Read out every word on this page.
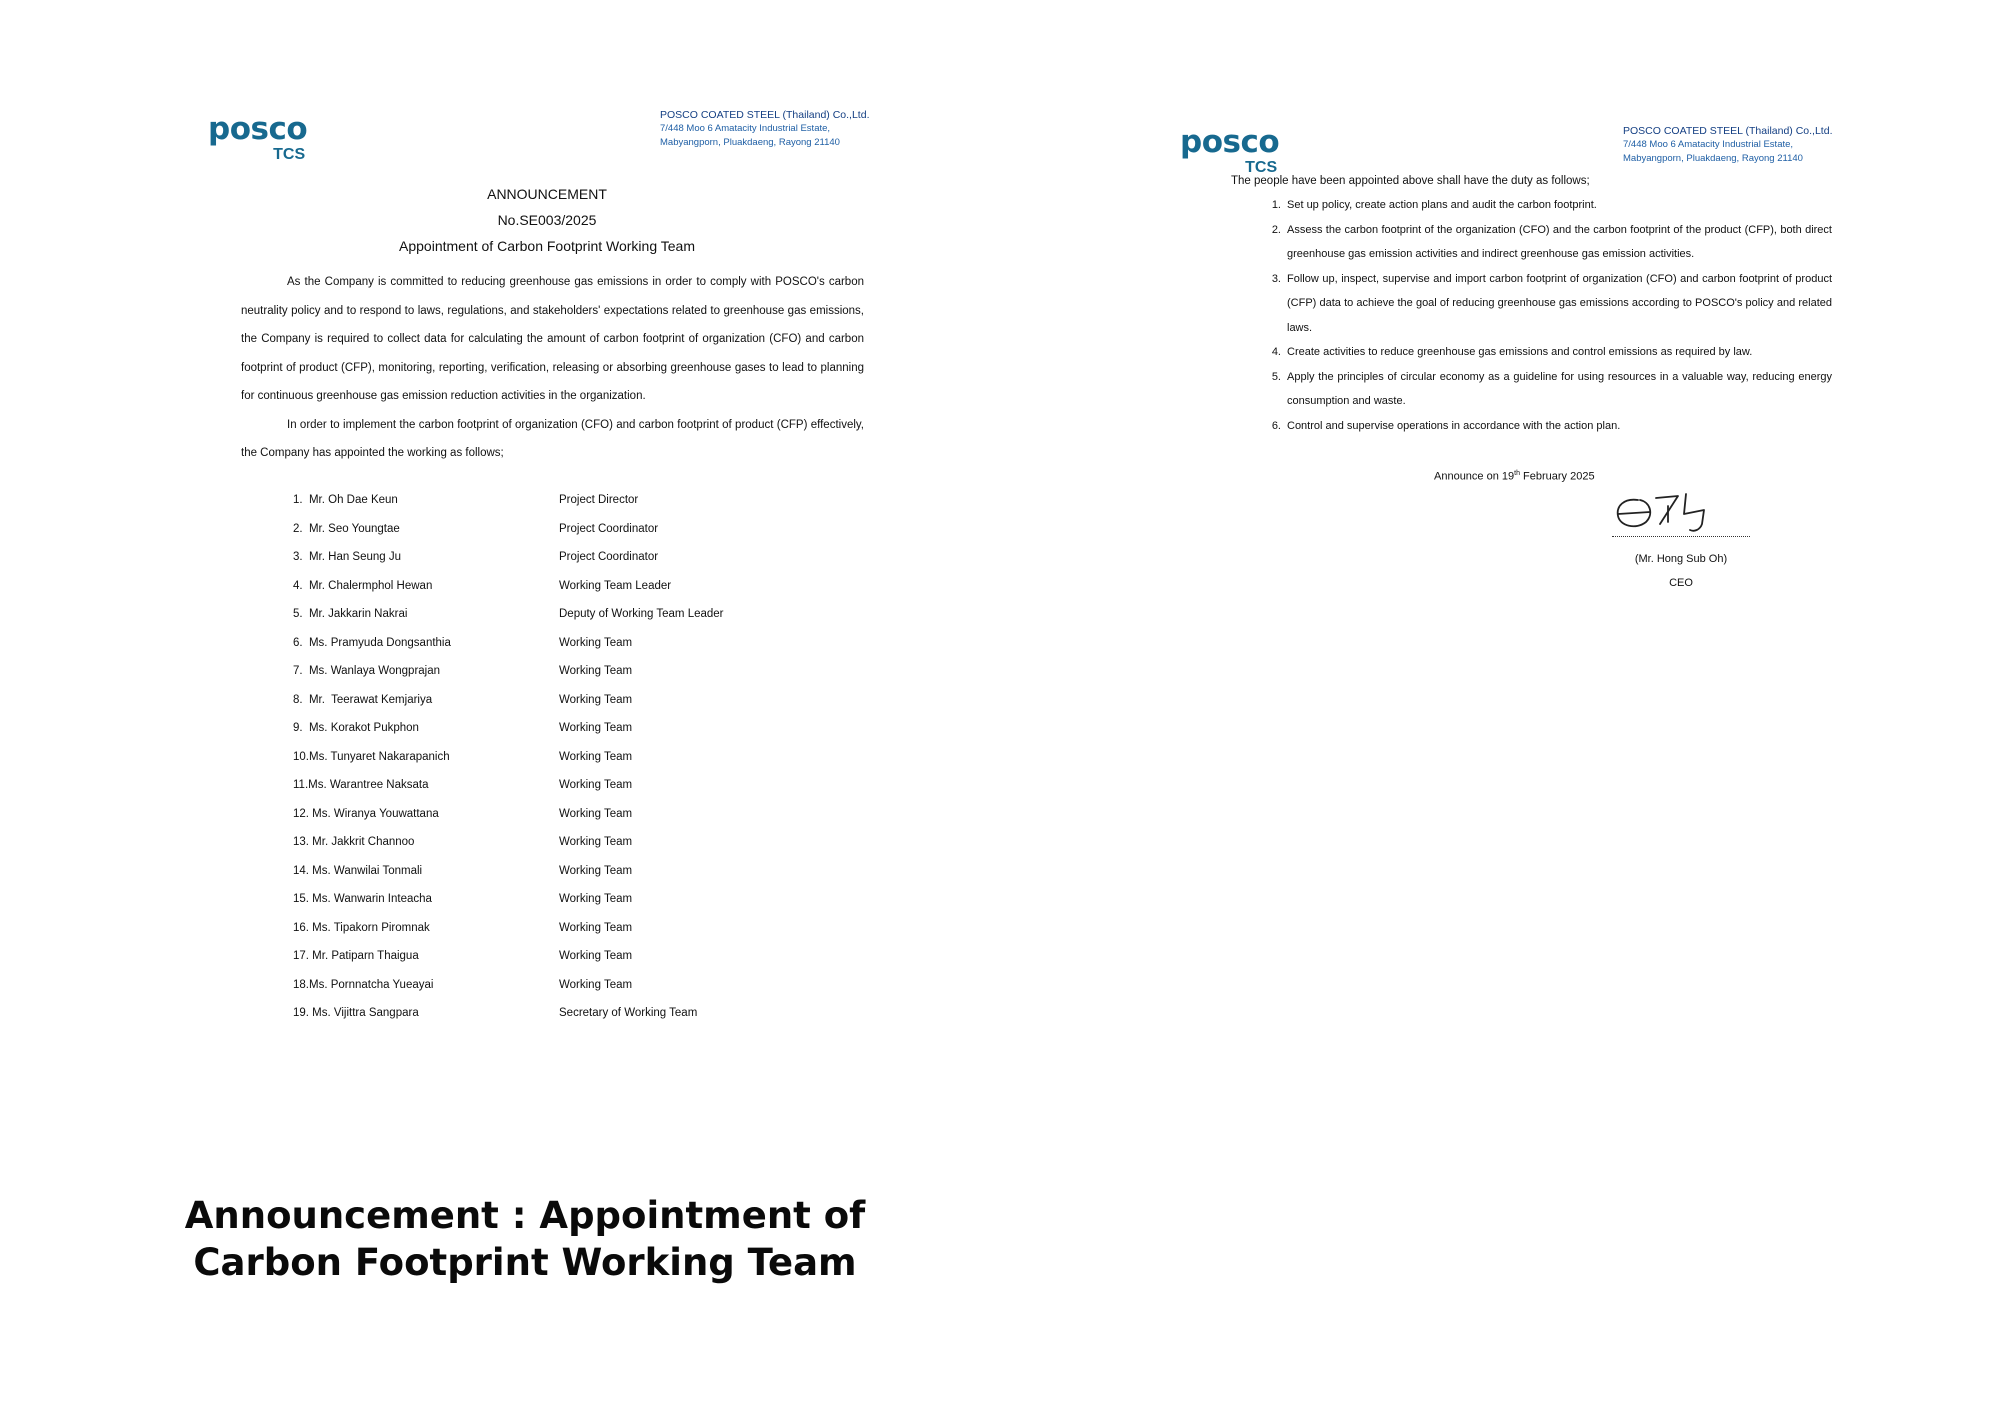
posco
TCS
POSCO COATED STEEL (Thailand) Co.,Ltd.
7/448 Moo 6 Amatacity Industrial Estate,
Mabyangporn, Pluakdaeng, Rayong 21140
ANNOUNCEMENT
No.SE003/2025
Appointment of Carbon Footprint Working Team

As the Company is committed to reducing greenhouse gas emissions in order to comply with POSCO's carbon neutrality policy and to respond to laws, regulations, and stakeholders' expectations related to greenhouse gas emissions, the Company is required to collect data for calculating the amount of carbon footprint of organization (CFO) and carbon footprint of product (CFP), monitoring, reporting, verification, releasing or absorbing greenhouse gases to lead to planning for continuous greenhouse gas emission reduction activities in the organization.

In order to implement the carbon footprint of organization (CFO) and carbon footprint of product (CFP) effectively, the Company has appointed the working as follows;

1.  Mr. Oh Dae Keun	Project Director
2.  Mr. Seo Youngtae	Project Coordinator
3.  Mr. Han Seung Ju	Project Coordinator
4.  Mr. Chalermphol Hewan	Working Team Leader
5.  Mr. Jakkarin Nakrai	Deputy of Working Team Leader
6.  Ms. Pramyuda Dongsanthia	Working Team
7.  Ms. Wanlaya Wongprajan	Working Team
8.  Mr.  Teerawat Kemjariya	Working Team
9.  Ms. Korakot Pukphon	Working Team
10.Ms. Tunyaret Nakarapanich	Working Team
11.Ms. Warantree Naksata	Working Team
12. Ms. Wiranya Youwattana	Working Team
13. Mr. Jakkrit Channoo	Working Team
14. Ms. Wanwilai Tonmali	Working Team
15. Ms. Wanwarin Inteacha	Working Team
16. Ms. Tipakorn Piromnak	Working Team
17. Mr. Patiparn Thaigua	Working Team
18.Ms. Pornnatcha Yueayai	Working Team
19. Ms. Vijittra Sangpara	Secretary of Working Team
posco
TCS
POSCO COATED STEEL (Thailand) Co.,Ltd.
7/448 Moo 6 Amatacity Industrial Estate,
Mabyangporn, Pluakdaeng, Rayong 21140
The people have been appointed above shall have the duty as follows;
1. Set up policy, create action plans and audit the carbon footprint.
2. Assess the carbon footprint of the organization (CFO) and the carbon footprint of the product (CFP), both direct greenhouse gas emission activities and indirect greenhouse gas emission activities.
3. Follow up, inspect, supervise and import carbon footprint of organization (CFO) and carbon footprint of product (CFP) data to achieve the goal of reducing greenhouse gas emissions according to POSCO's policy and related laws.
4. Create activities to reduce greenhouse gas emissions and control emissions as required by law.
5. Apply the principles of circular economy as a guideline for using resources in a valuable way, reducing energy consumption and waste.
6. Control and supervise operations in accordance with the action plan.
Announce on 19th February 2025
(Mr. Hong Sub Oh)
CEO
Announcement : Appointment of
Carbon Footprint Working Team
